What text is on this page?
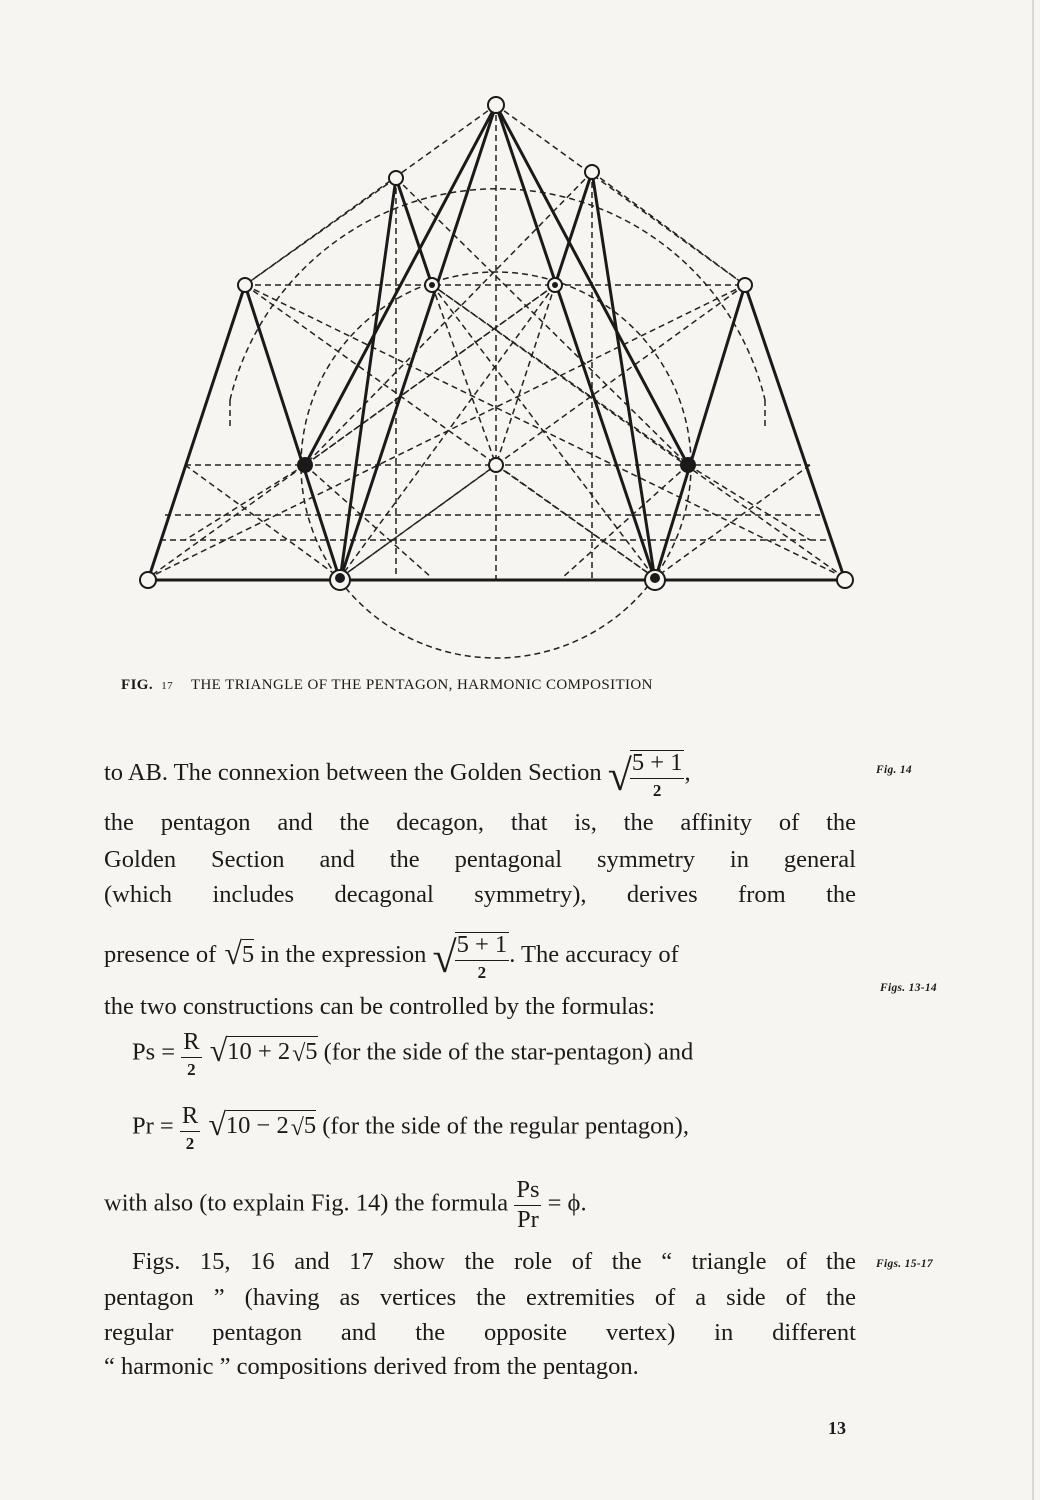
FIG. 17 THE TRIANGLE OF THE PENTAGON, HARMONIC COMPOSITION
to AB. The connexion between the Golden Section √
$\frac{5 + 1}{2}$ ,	Fig. 14
the pentagon and the decagon, that is, the affinity of the
Golden Section and the pentagonal symmetry in general
(which includes decagonal symmetry), derives from the
presence of √5 in the expression √
$\frac{5 + 1}{2}$ . The accuracy of
the two constructions can be controlled by the formulas:
Figs. 13-14
$Ps = \frac{R}{2} √10 + 2√5$ (for the side of the star-pentagon) and
$Pr = \frac{R}{2} √10 - 2√5$ (for the side of the regular pentagon),
with also (to explain Fig. 14) the formula $\frac{Ps}{Pr} = \phi$.
Figs. 15, 16 and 17 show the role of the “ triangle of the Figs. 15-17
pentagon ” (having as vertices the extremities of a side of the
regular pentagon and the opposite vertex) in different
“ harmonic ” compositions derived from the pentagon.
13
